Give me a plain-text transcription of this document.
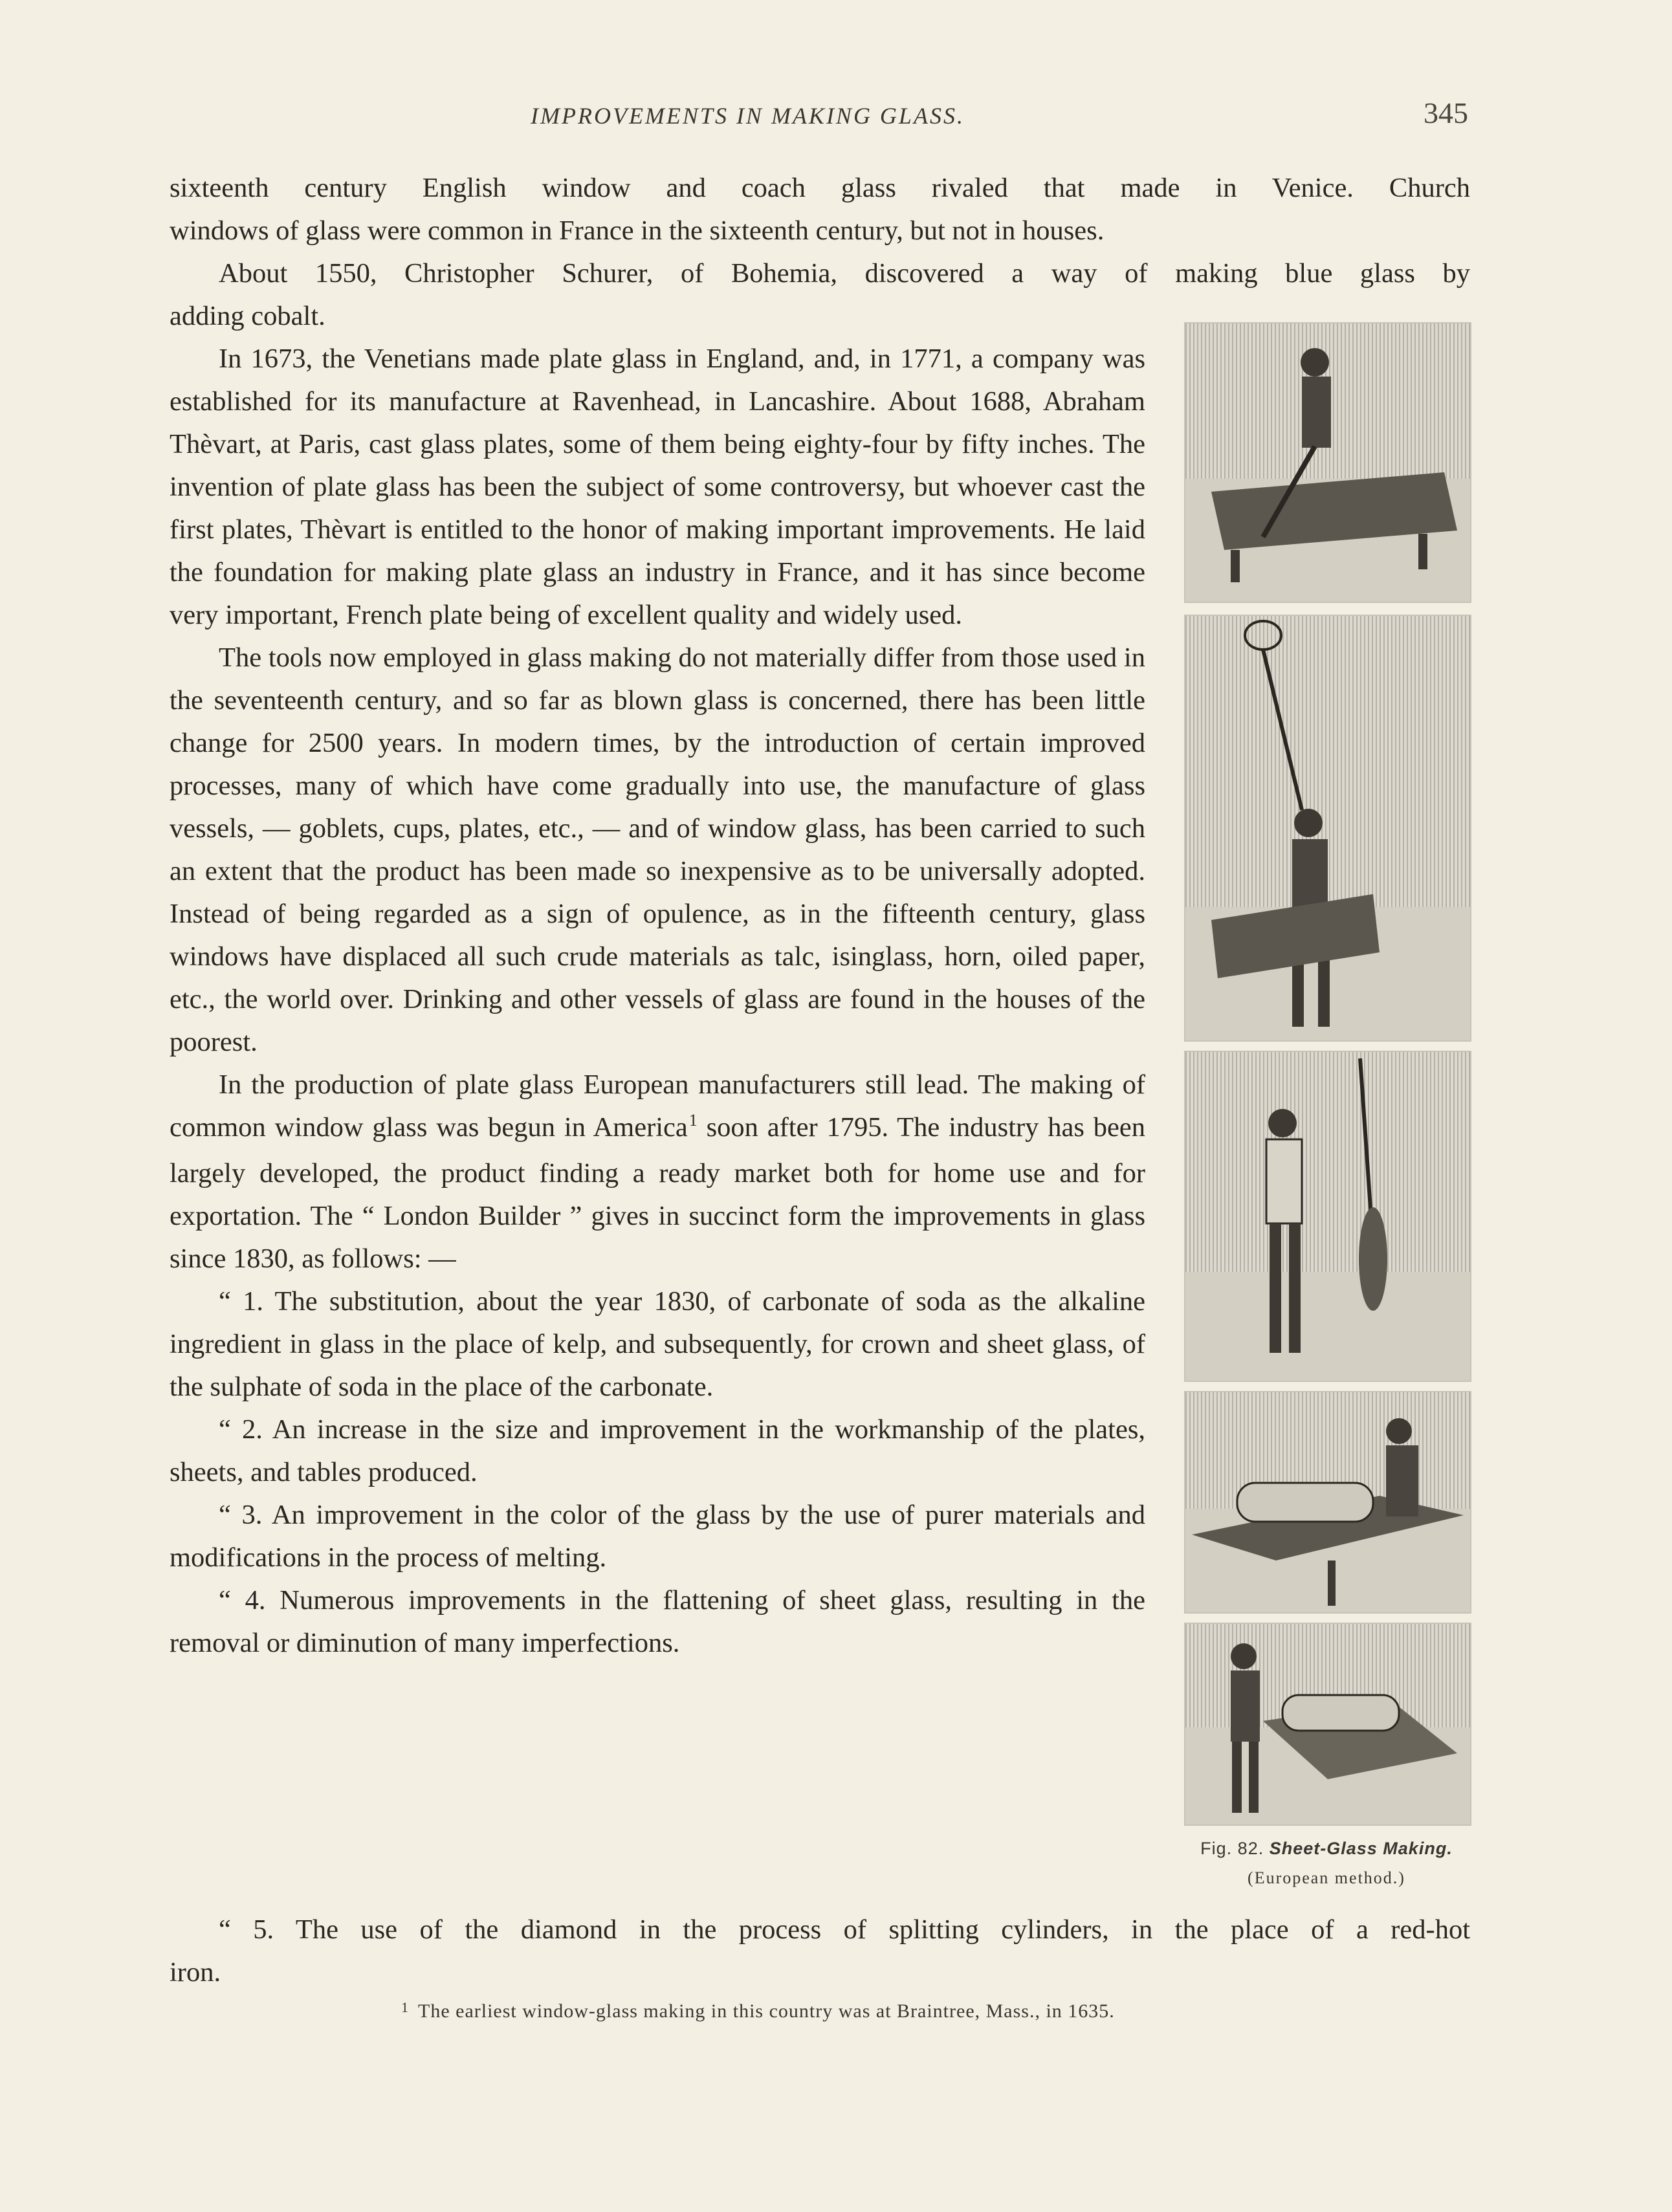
IMPROVEMENTS IN MAKING GLASS.	345

sixteenth century English window and coach glass rivaled that made in Venice. Church

windows of glass were common in France in the sixteenth century, but not in houses.

About 1550, Christopher Schurer, of Bohemia, discovered a way of making blue glass by

adding cobalt.

In 1673, the Venetians made plate glass in England, and, in 1771, a company was established for its manufacture at Ravenhead, in Lancashire. About 1688, Abraham Thèvart, at Paris, cast glass plates, some of them being eighty-four by fifty inches. The invention of plate glass has been the subject of some controversy, but whoever cast the first plates, Thèvart is entitled to the honor of making important improvements. He laid the foundation for making plate glass an industry in France, and it has since become very important, French plate being of excellent quality and widely used.

The tools now employed in glass making do not materially differ from those used in the seventeenth century, and so far as blown glass is concerned, there has been little change for 2500 years. In modern times, by the introduction of certain improved processes, many of which have come gradually into use, the manufacture of glass vessels, — goblets, cups, plates, etc., — and of window glass, has been carried to such an extent that the product has been made so inexpensive as to be universally adopted. Instead of being regarded as a sign of opulence, as in the fifteenth century, glass windows have displaced all such crude materials as talc, isinglass, horn, oiled paper, etc., the world over. Drinking and other vessels of glass are found in the houses of the poorest.

In the production of plate glass European manufacturers still lead. The making of common window glass was begun in America$^1$ soon after 1795. The industry has been largely developed, the product finding a ready market both for home use and for exportation. The “ London Builder ” gives in succinct form the improvements in glass since 1830, as follows: —

“ 1. The substitution, about the year 1830, of carbonate of soda as the alkaline ingredient in glass in the place of kelp, and subsequently, for crown and sheet glass, of the sulphate of soda in the place of the carbonate.

“ 2. An increase in the size and improvement in the workmanship of the plates, sheets, and tables produced.

“ 3. An improvement in the color of the glass by the use of purer materials and modifications in the process of melting.

“ 4. Numerous improvements in the flattening of sheet glass, resulting in the removal or diminution of many imperfections.

“ 5. The use of the diamond in the process of splitting cylinders, in the place of a red-hot

iron.

Fig. 82. Sheet-Glass Making.
(European method.)
$^1$ The earliest window-glass making in this country was at Braintree, Mass., in 1635.
